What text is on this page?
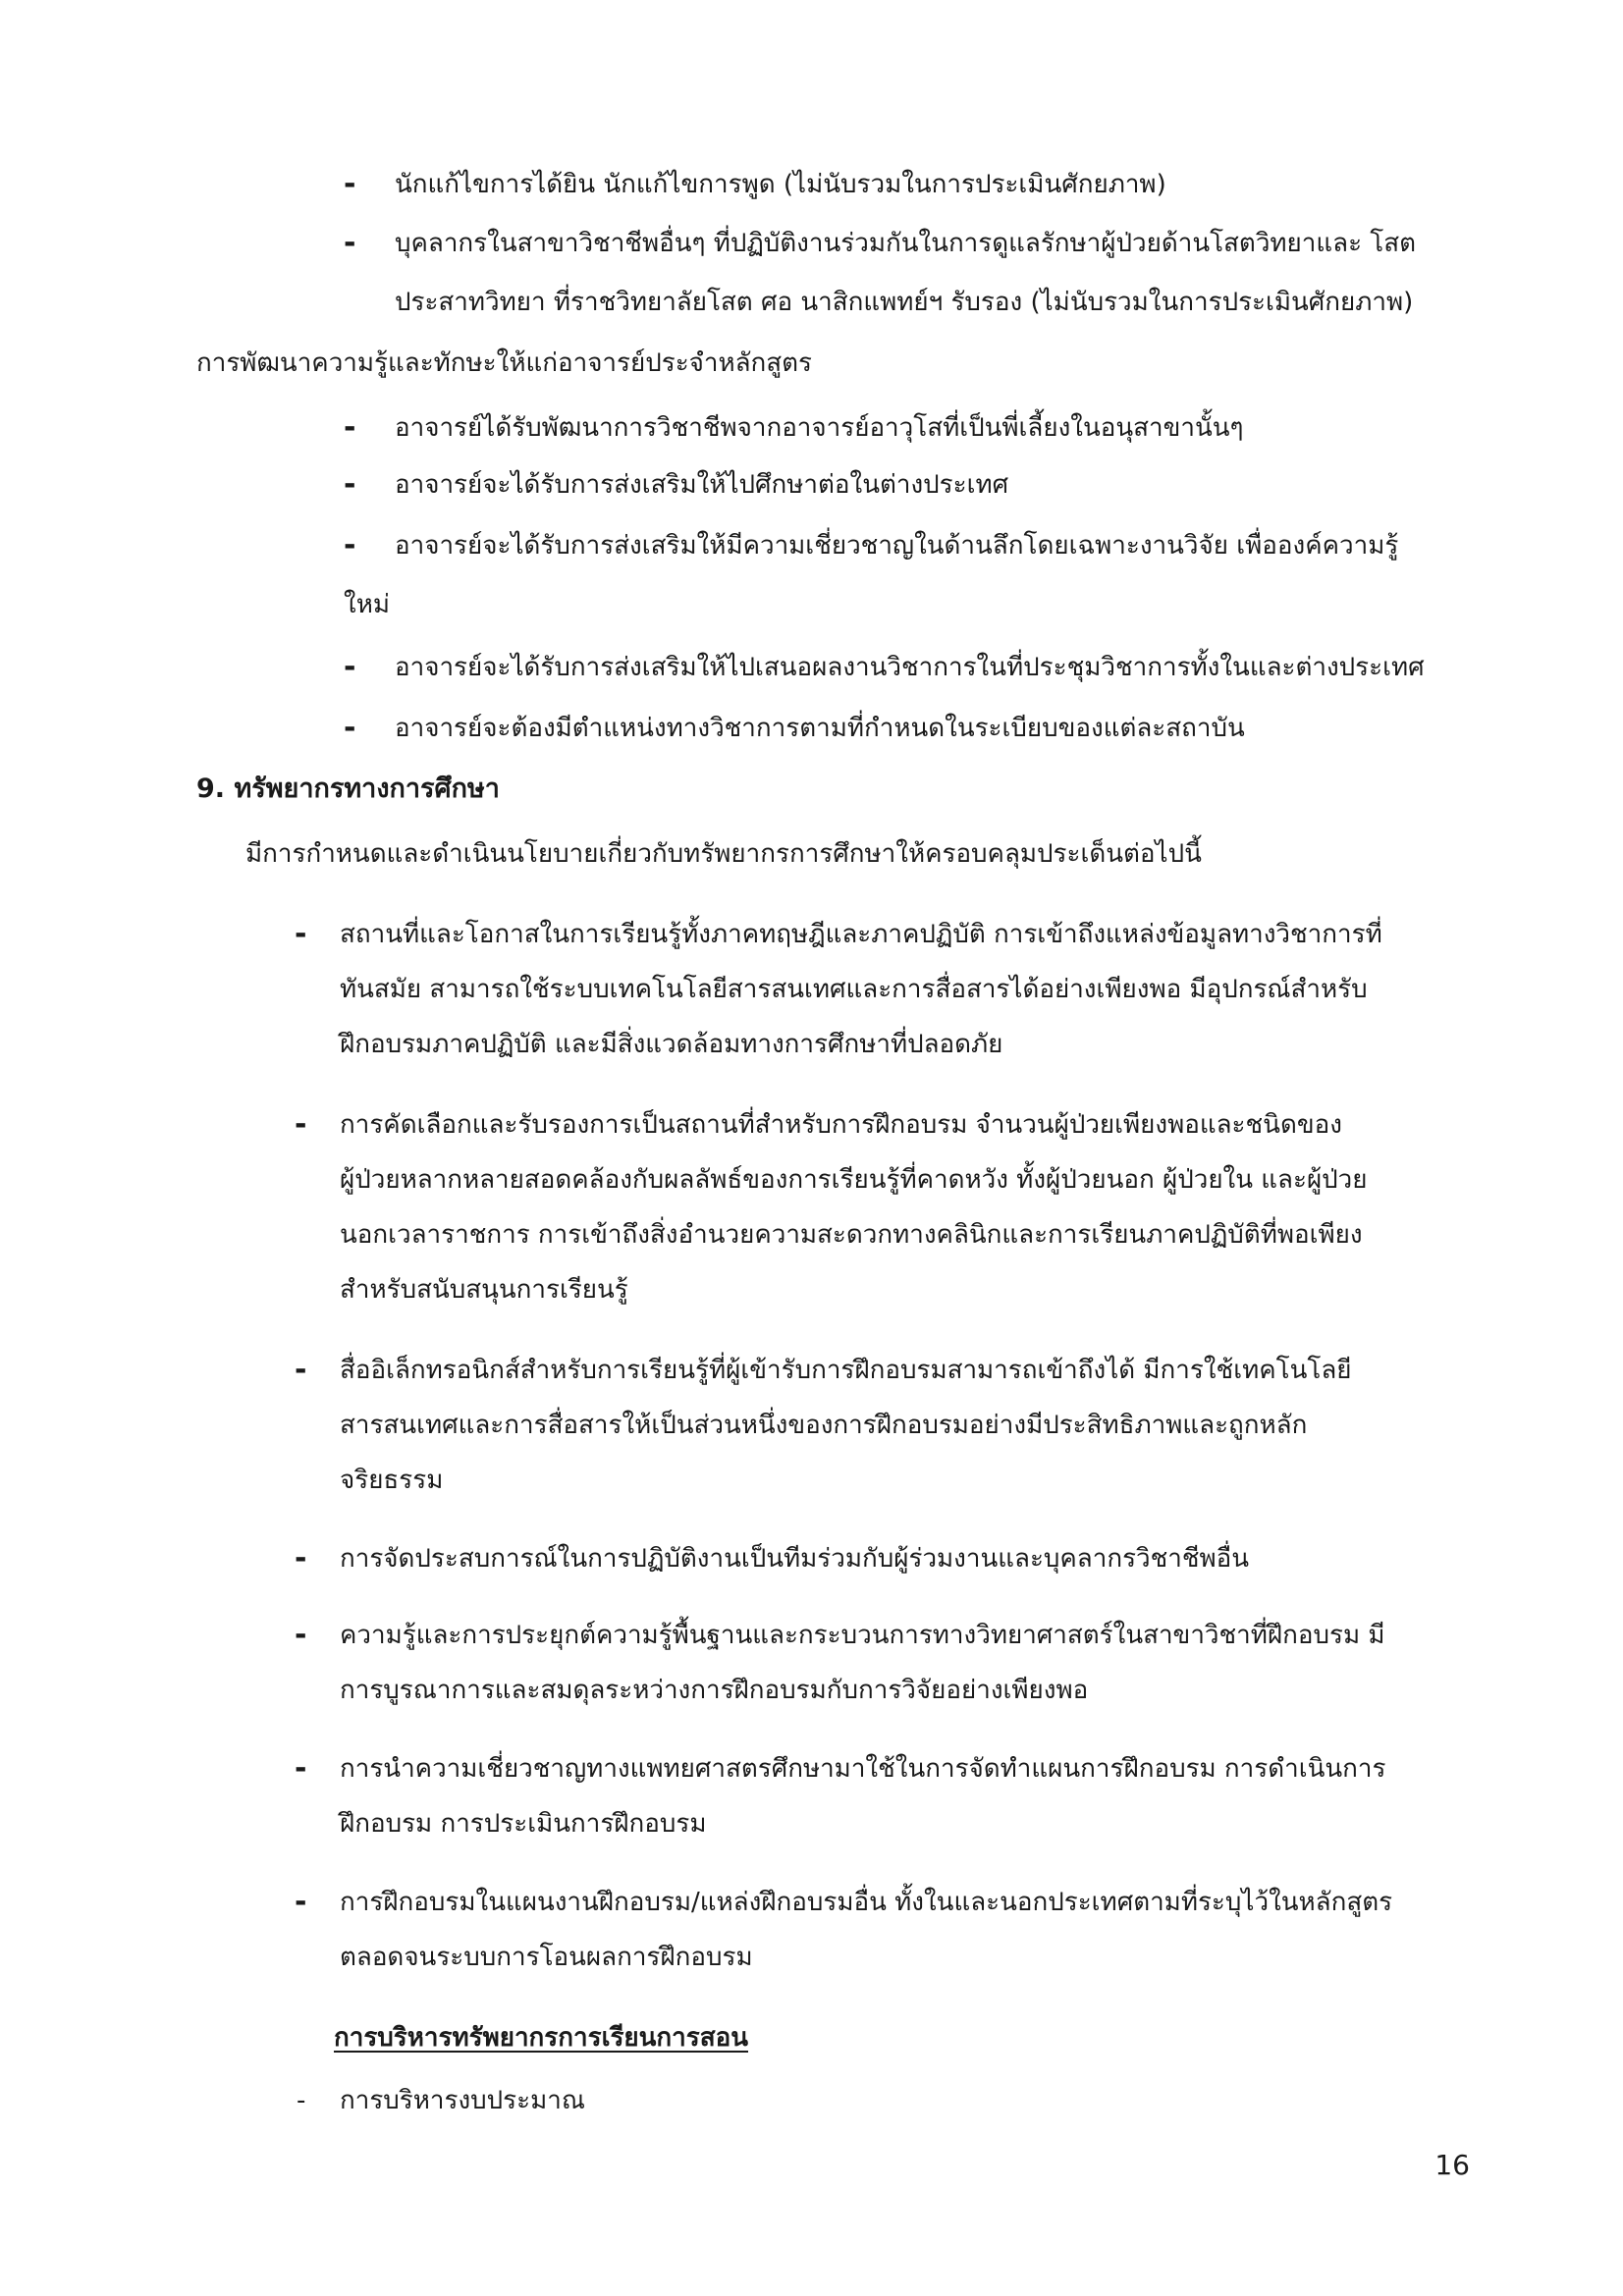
- นักแก้ไขการได้ยิน นักแก้ไขการพูด (ไม่นับรวมในการประเมินศักยภาพ)
- บุคลากรในสาขาวิชาชีพอื่นๆ ที่ปฏิบัติงานร่วมกันในการดูแลรักษาผู้ป่วยด้านโสตวิทยาและ โสต
ประสาทวิทยา ที่ราชวิทยาลัยโสต ศอ นาสิกแพทย์ฯ รับรอง (ไม่นับรวมในการประเมินศักยภาพ)
การพัฒนาความรู้และทักษะให้แก่อาจารย์ประจำหลักสูตร
- อาจารย์ได้รับพัฒนาการวิชาชีพจากอาจารย์อาวุโสที่เป็นพี่เลี้ยงในอนุสาขานั้นๆ
- อาจารย์จะได้รับการส่งเสริมให้ไปศึกษาต่อในต่างประเทศ
- อาจารย์จะได้รับการส่งเสริมให้มีความเชี่ยวชาญในด้านลึกโดยเฉพาะงานวิจัย เพื่อองค์ความรู้
ใหม่
- อาจารย์จะได้รับการส่งเสริมให้ไปเสนอผลงานวิชาการในที่ประชุมวิชาการทั้งในและต่างประเทศ
- อาจารย์จะต้องมีตำแหน่งทางวิชาการตามที่กำหนดในระเบียบของแต่ละสถาบัน
9. ทรัพยากรทางการศึกษา
มีการกำหนดและดำเนินนโยบายเกี่ยวกับทรัพยากรการศึกษาให้ครอบคลุมประเด็นต่อไปนี้
- สถานที่และโอกาสในการเรียนรู้ทั้งภาคทฤษฎีและภาคปฏิบัติ การเข้าถึงแหล่งข้อมูลทางวิชาการที่
ทันสมัย สามารถใช้ระบบเทคโนโลยีสารสนเทศและการสื่อสารได้อย่างเพียงพอ มีอุปกรณ์สำหรับ
ฝึกอบรมภาคปฏิบัติ และมีสิ่งแวดล้อมทางการศึกษาที่ปลอดภัย
- การคัดเลือกและรับรองการเป็นสถานที่สำหรับการฝึกอบรม จำนวนผู้ป่วยเพียงพอและชนิดของ
ผู้ป่วยหลากหลายสอดคล้องกับผลลัพธ์ของการเรียนรู้ที่คาดหวัง ทั้งผู้ป่วยนอก ผู้ป่วยใน และผู้ป่วย
นอกเวลาราชการ การเข้าถึงสิ่งอำนวยความสะดวกทางคลินิกและการเรียนภาคปฏิบัติที่พอเพียง
สำหรับสนับสนุนการเรียนรู้
- สื่ออิเล็กทรอนิกส์สำหรับการเรียนรู้ที่ผู้เข้ารับการฝึกอบรมสามารถเข้าถึงได้ มีการใช้เทคโนโลยี
สารสนเทศและการสื่อสารให้เป็นส่วนหนึ่งของการฝึกอบรมอย่างมีประสิทธิภาพและถูกหลัก
จริยธรรม
- การจัดประสบการณ์ในการปฏิบัติงานเป็นทีมร่วมกับผู้ร่วมงานและบุคลากรวิชาชีพอื่น
- ความรู้และการประยุกต์ความรู้พื้นฐานและกระบวนการทางวิทยาศาสตร์ในสาขาวิชาที่ฝึกอบรม มี
การบูรณาการและสมดุลระหว่างการฝึกอบรมกับการวิจัยอย่างเพียงพอ
- การนำความเชี่ยวชาญทางแพทยศาสตรศึกษามาใช้ในการจัดทำแผนการฝึกอบรม การดำเนินการ
ฝึกอบรม การประเมินการฝึกอบรม
- การฝึกอบรมในแผนงานฝึกอบรม/แหล่งฝึกอบรมอื่น ทั้งในและนอกประเทศตามที่ระบุไว้ในหลักสูตร
ตลอดจนระบบการโอนผลการฝึกอบรม
การบริหารทรัพยากรการเรียนการสอน
- การบริหารงบประมาณ
16
